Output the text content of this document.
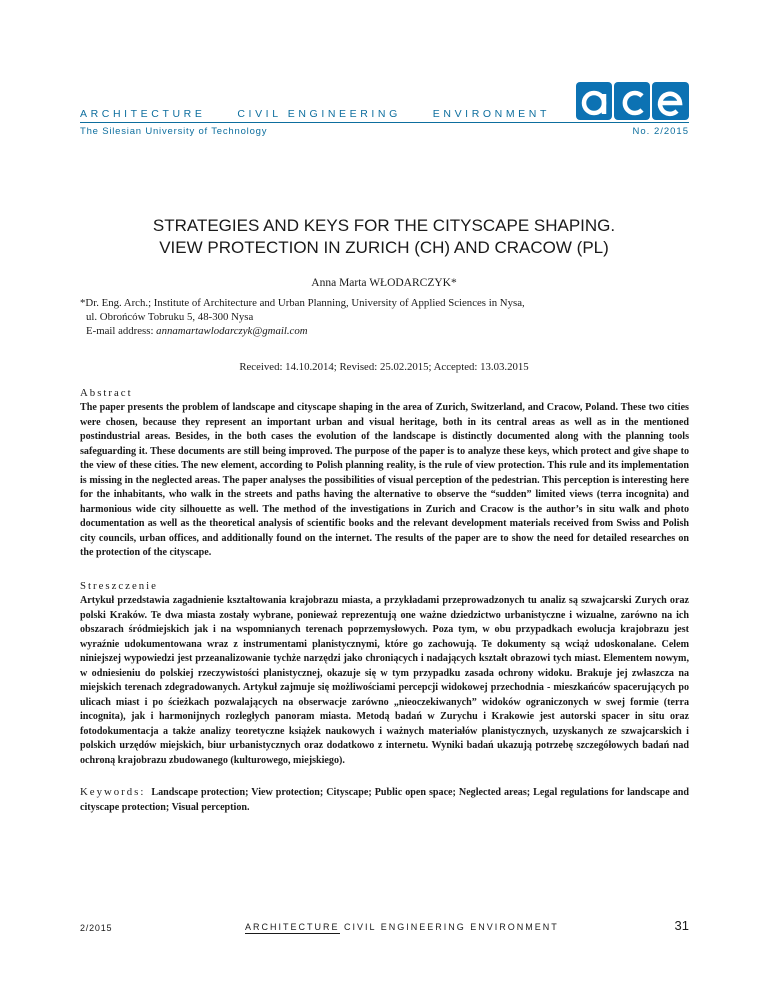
ARCHITECTURE	CIVIL ENGINEERING	ENVIRONMENT
The Silesian University of Technology	No. 2/2015
STRATEGIES AND KEYS FOR THE CITYSCAPE SHAPING.
VIEW PROTECTION IN ZURICH (CH) AND CRACOW (PL)
Anna Marta WŁODARCZYK*
*Dr. Eng. Arch.; Institute of Architecture and Urban Planning, University of Applied Sciences in Nysa,
ul. Obrońców Tobruku 5, 48-300 Nysa
E-mail address: annamartawlodarczyk@gmail.com
Received: 14.10.2014; Revised: 25.02.2015; Accepted: 13.03.2015
Abstract
The paper presents the problem of landscape and cityscape shaping in the area of Zurich, Switzerland, and Cracow, Poland. These two cities were chosen, because they represent an important urban and visual heritage, both in its central areas as well as in the mentioned postindustrial areas. Besides, in the both cases the evolution of the landscape is distinctly documented along with the planning tools safeguarding it. These documents are still being improved. The purpose of the paper is to analyze these keys, which protect and give shape to the view of these cities. The new element, according to Polish planning reality, is the rule of view protection. This rule and its implementation is missing in the neglected areas. The paper analyses the possibilities of visual perception of the pedestrian. This perception is interesting here for the inhabitants, who walk in the streets and paths having the alternative to observe the “sudden” limited views (terra incognita) and harmonious wide city silhouette as well. The method of the investigations in Zurich and Cracow is the author’s in situ walk and photo documentation as well as the theoretical analysis of scientific books and the relevant development materials received from Swiss and Polish city councils, urban offices, and additionally found on the internet. The results of the paper are to show the need for detailed researches on the protection of the cityscape.
Streszczenie
Artykuł przedstawia zagadnienie kształtowania krajobrazu miasta, a przykładami przeprowadzonych tu analiz są szwajcarski Zurych oraz polski Kraków. Te dwa miasta zostały wybrane, ponieważ reprezentują one ważne dziedzictwo urbanistyczne i wizualne, zarówno na ich obszarach śródmiejskich jak i na wspomnianych terenach poprzemysłowych. Poza tym, w obu przypadkach ewolucja krajobrazu jest wyraźnie udokumentowana wraz z instrumentami planistycznymi, które go zachowują. Te dokumenty są wciąż udoskonalane. Celem niniejszej wypowiedzi jest przeanalizowanie tychże narzędzi jako chroniących i nadających kształt obrazowi tych miast. Elementem nowym, w odniesieniu do polskiej rzeczywistości planistycznej, okazuje się w tym przypadku zasada ochrony widoku. Brakuje jej zwłaszcza na miejskich terenach zdegradowanych. Artykuł zajmuje się możliwościami percepcji widokowej przechodnia - mieszkańców spacerujących po ulicach miast i po ścieżkach pozwalających na obserwacje zarówno „nieoczekiwanych” widoków ograniczonych w swej formie (terra incognita), jak i harmonijnych rozległych panoram miasta. Metodą badań w Zurychu i Krakowie jest autorski spacer in situ oraz fotodokumentacja a także analizy teoretyczne książek naukowych i ważnych materiałów planistycznych, uzyskanych ze szwajcarskich i polskich urzędów miejskich, biur urbanistycznych oraz dodatkowo z internetu. Wyniki badań ukazują potrzebę szczegółowych badań nad ochroną krajobrazu zbudowanego (kulturowego, miejskiego).
Keywords: Landscape protection; View protection; Cityscape; Public open space; Neglected areas; Legal regulations for landscape and cityscape protection; Visual perception.
2/2015	ARCHITECTURE CIVIL ENGINEERING ENVIRONMENT	31
